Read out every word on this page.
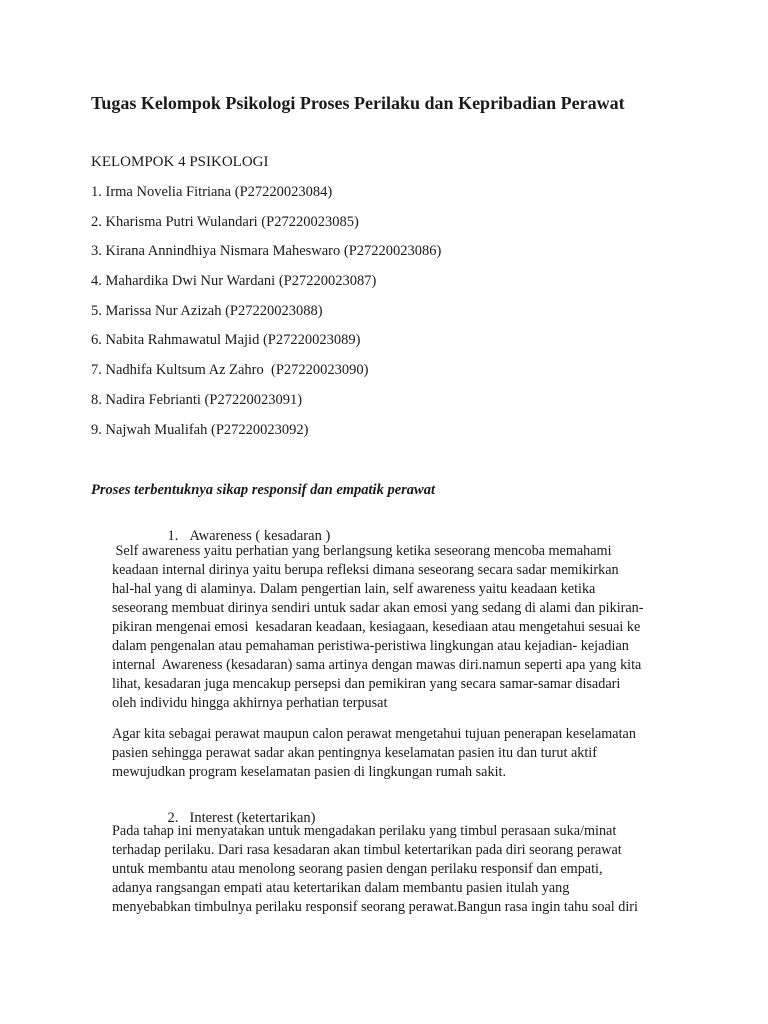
Tugas Kelompok Psikologi Proses Perilaku dan Kepribadian Perawat
KELOMPOK 4 PSIKOLOGI
1. Irma Novelia Fitriana (P27220023084)
2. Kharisma Putri Wulandari (P27220023085)
3. Kirana Annindhiya Nismara Maheswaro (P27220023086)
4. Mahardika Dwi Nur Wardani (P27220023087)
5. Marissa Nur Azizah (P27220023088)
6. Nabita Rahmawatul Majid (P27220023089)
7. Nadhifa Kultsum Az Zahro  (P27220023090)
8. Nadira Febrianti (P27220023091)
9. Najwah Mualifah (P27220023092)
Proses terbentuknya sikap responsif dan empatik perawat

1. Awareness ( kesadaran )

Self awareness yaitu perhatian yang berlangsung ketika seseorang mencoba memahami
keadaan internal dirinya yaitu berupa refleksi dimana seseorang secara sadar memikirkan
hal-hal yang di alaminya. Dalam pengertian lain, self awareness yaitu keadaan ketika
seseorang membuat dirinya sendiri untuk sadar akan emosi yang sedang di alami dan pikiran-
pikiran mengenai emosi  kesadaran keadaan, kesiagaan, kesediaan atau mengetahui sesuai ke
dalam pengenalan atau pemahaman peristiwa-peristiwa lingkungan atau kejadian- kejadian
internal  Awareness (kesadaran) sama artinya dengan mawas diri.namun seperti apa yang kita
lihat, kesadaran juga mencakup persepsi dan pemikiran yang secara samar-samar disadari
oleh individu hingga akhirnya perhatian terpusat

Agar kita sebagai perawat maupun calon perawat mengetahui tujuan penerapan keselamatan
pasien sehingga perawat sadar akan pentingnya keselamatan pasien itu dan turut aktif
mewujudkan program keselamatan pasien di lingkungan rumah sakit.

2. Interest (ketertarikan)

Pada tahap ini menyatakan untuk mengadakan perilaku yang timbul perasaan suka/minat
terhadap perilaku. Dari rasa kesadaran akan timbul ketertarikan pada diri seorang perawat
untuk membantu atau menolong seorang pasien dengan perilaku responsif dan empati,
adanya rangsangan empati atau ketertarikan dalam membantu pasien itulah yang
menyebabkan timbulnya perilaku responsif seorang perawat.Bangun rasa ingin tahu soal diri
